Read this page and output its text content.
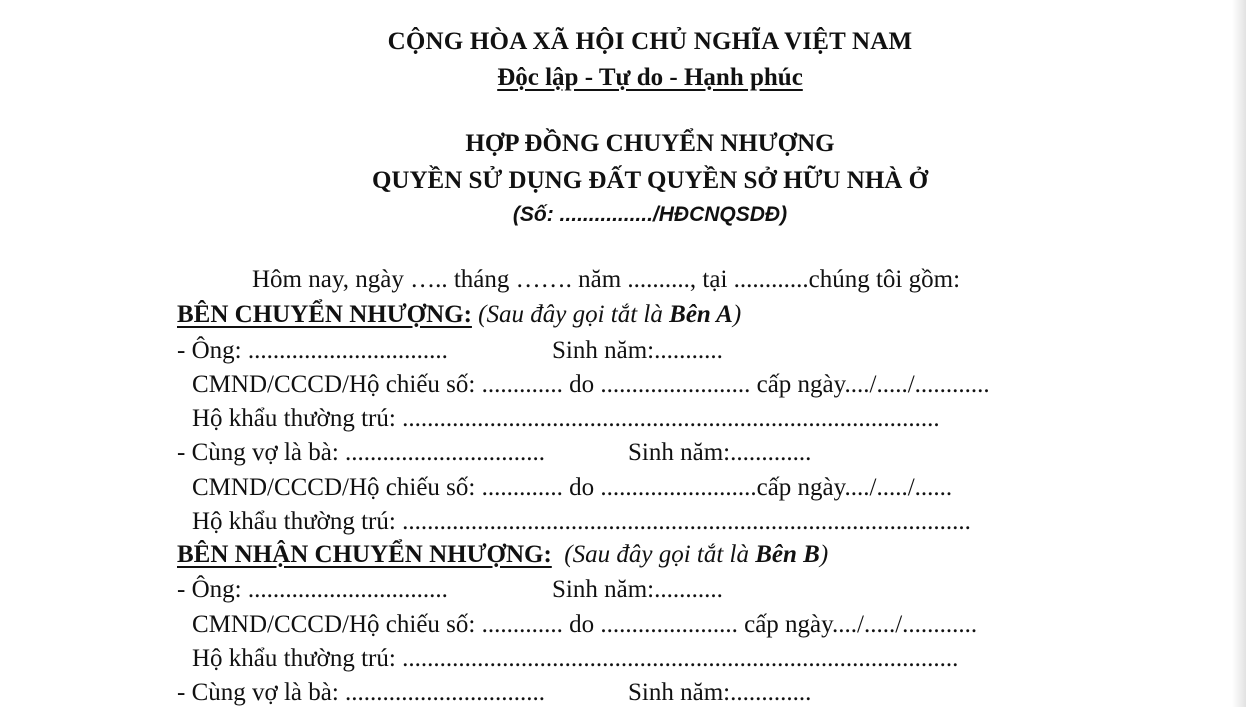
CỘNG HÒA XÃ HỘI CHỦ NGHĨA VIỆT NAM
Độc lập - Tự do - Hạnh phúc
HỢP ĐỒNG CHUYỂN NHƯỢNG
QUYỀN SỬ DỤNG ĐẤT QUYỀN SỞ HỮU NHÀ Ở
(Số: ................/HĐCNQSDĐ)
Hôm nay, ngày ….. tháng ……. năm .........., tại ............chúng tôi gồm:
BÊN CHUYỂN NHƯỢNG: (Sau đây gọi tắt là Bên A)
- Ông: ................................	Sinh năm:...........
CMND/CCCD/Hộ chiếu số: ............. do ........................ cấp ngày..../...../............
Hộ khẩu thường trú: ......................................................................................
- Cùng vợ là bà: ................................	Sinh năm:.............
CMND/CCCD/Hộ chiếu số: ............. do .........................cấp ngày..../...../......
Hộ khẩu thường trú: ...........................................................................................
BÊN NHẬN CHUYỂN NHƯỢNG: (Sau đây gọi tắt là Bên B)
- Ông: ................................	Sinh năm:...........
CMND/CCCD/Hộ chiếu số: ............. do ...................... cấp ngày..../...../............
Hộ khẩu thường trú: .........................................................................................
- Cùng vợ là bà: ................................	Sinh năm:.............
